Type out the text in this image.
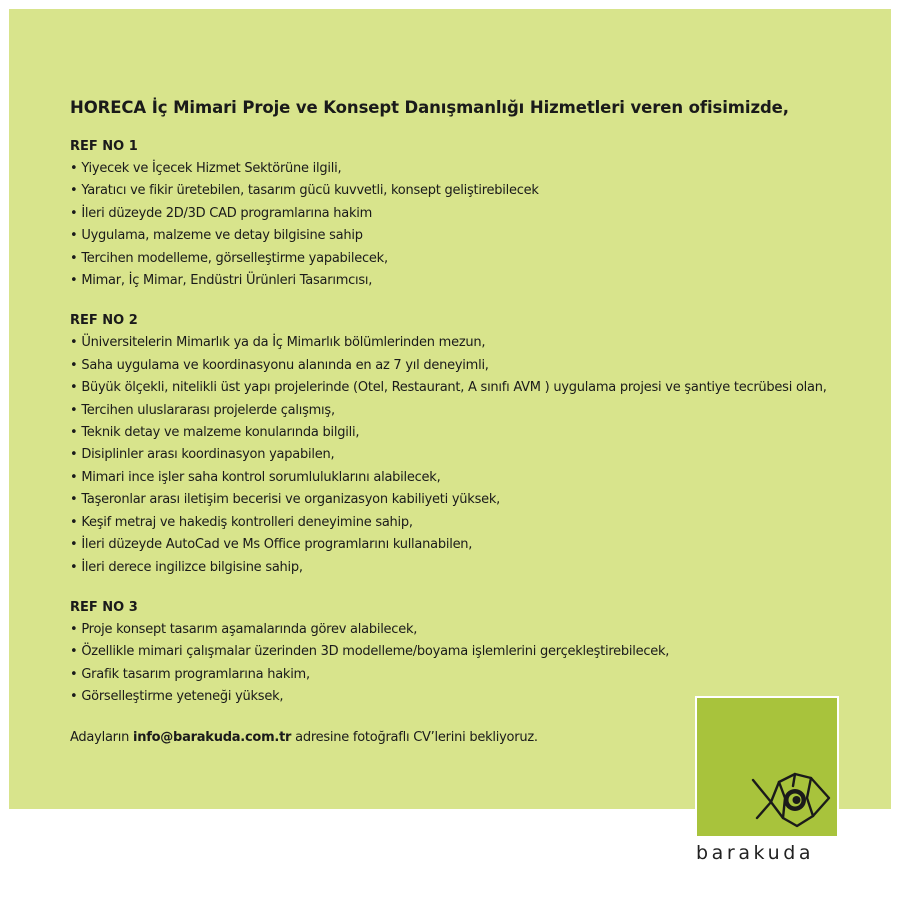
HORECA İç Mimari Proje ve Konsept Danışmanlığı Hizmetleri veren ofisimizde,
REF NO 1
• Yiyecek ve İçecek Hizmet Sektörüne ilgili,
• Yaratıcı ve fikir üretebilen, tasarım gücü kuvvetli, konsept geliştirebilecek
• İleri düzeyde 2D/3D CAD programlarına hakim
• Uygulama, malzeme ve detay bilgisine sahip
• Tercihen modelleme, görselleştirme yapabilecek,
• Mimar, İç Mimar, Endüstri Ürünleri Tasarımcısı,
REF NO 2
• Üniversitelerin Mimarlık ya da İç Mimarlık bölümlerinden mezun,
• Saha uygulama ve koordinasyonu alanında en az 7 yıl deneyimli,
• Büyük ölçekli, nitelikli üst yapı projelerinde (Otel, Restaurant, A sınıfı AVM ) uygulama projesi ve şantiye tecrübesi olan,
• Tercihen uluslararası projelerde çalışmış,
• Teknik detay ve malzeme konularında bilgili,
• Disiplinler arası koordinasyon yapabilen,
• Mimari ince işler saha kontrol sorumluluklarını alabilecek,
• Taşeronlar arası iletişim becerisi ve organizasyon kabiliyeti yüksek,
• Keşif metraj ve hakediş kontrolleri deneyimine sahip,
• İleri düzeyde AutoCad ve Ms Office programlarını kullanabilen,
• İleri derece ingilizce bilgisine sahip,
REF NO 3
• Proje konsept tasarım aşamalarında görev alabilecek,
• Özellikle mimari çalışmalar üzerinden 3D modelleme/boyama işlemlerini gerçekleştirebilecek,
• Grafik tasarım programlarına hakim,
• Görselleştirme yeteneği yüksek,
Adayların info@barakuda.com.tr adresine fotoğraflı CV’lerini bekliyoruz.
barakuda
